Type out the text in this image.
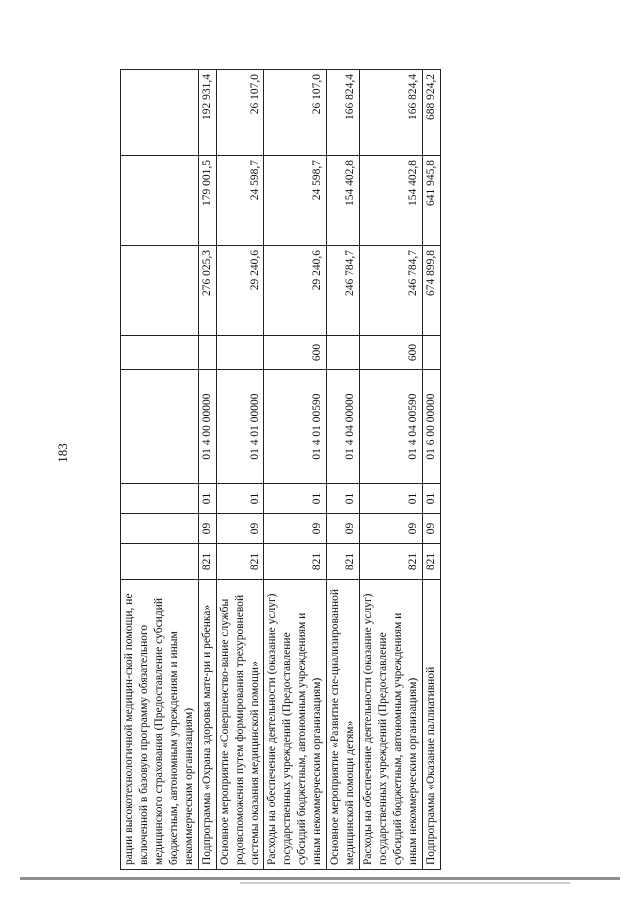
183
рации высокотехнологичной медицин-ской помощи, не включенной в базовую программу обязательного медицинского страхования (Предоставление субсидий бюджетным, автономным учреждениям и иным некоммерческим организациям)								
Подпрограмма «Охрана здоровья мате-ри и ребенка»	821	09	01	01 4 00 00000		276 025,3	179 001,5	192 931,4
Основное мероприятие «Совершенство-вание службы родовспоможения путем формирования трехуровневой системы оказания медицинской помощи»	821	09	01	01 4 01 00000		29 240,6	24 598,7	26 107,0
Расходы на обеспечение деятельности (оказание услуг) государственных учреждений (Предоставление субсидий бюджетным, автономным учреждениям и иным некоммерческим организациям)	821	09	01	01 4 01 00590	600	29 240,6	24 598,7	26 107,0
Основное мероприятие «Развитие спе-циализированной медицинской помощи детям»	821	09	01	01 4 04 00000		246 784,7	154 402,8	166 824,4
Расходы на обеспечение деятельности (оказание услуг) государственных учреждений (Предоставление субсидий бюджетным, автономным учреждениям и иным некоммерческим организациям)	821	09	01	01 4 04 00590	600	246 784,7	154 402,8	166 824,4
Подпрограмма «Оказание паллиативной	821	09	01	01 6 00 00000		674 899,8	641 945,8	688 924,2
